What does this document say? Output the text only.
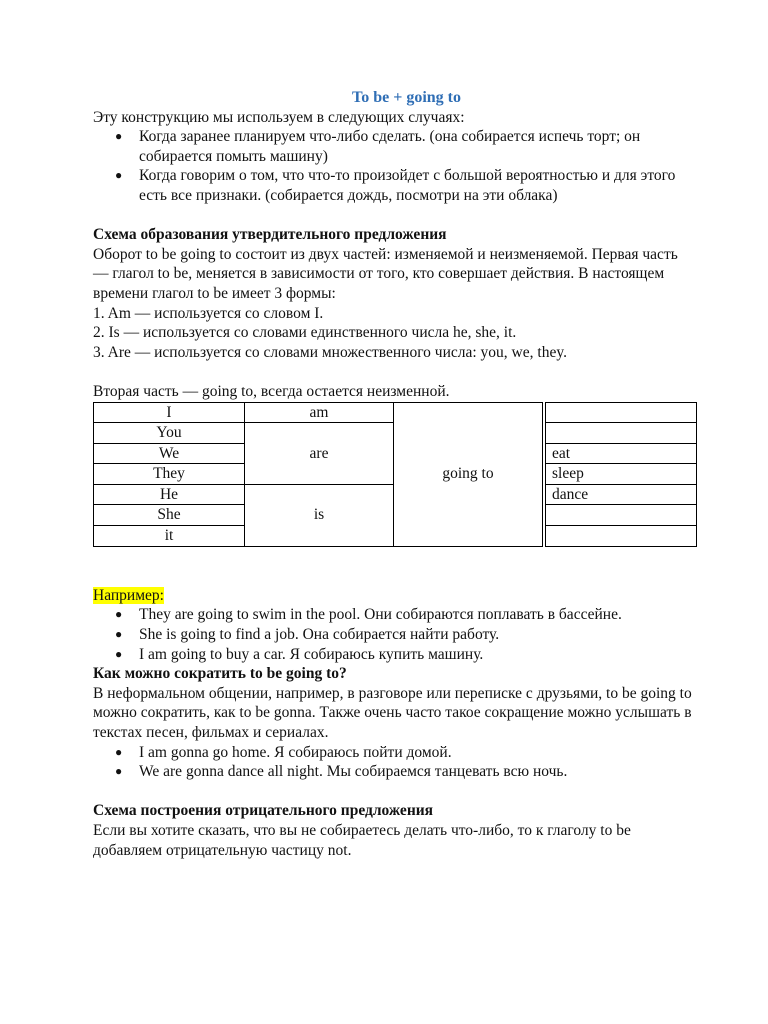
To be + going to

Эту конструкцию мы используем в следующих случаях:

● Когда заранее планируем что-либо сделать. (она собирается испечь торт; он собирается помыть машину)
● Когда говорим о том, что что-то произойдет с большой вероятностью и для этого есть все признаки. (собирается дождь, посмотри на эти облака)
Схема образования утвердительного предложения

Оборот to be going to состоит из двух частей: изменяемой и неизменяемой. Первая часть — глагол to be, меняется в зависимости от того, кто совершает действия. В настоящем времени глагол to be имеет 3 формы:

1. Am — используется со словом I.

2. Is — используется со словами единственного числа he, she, it.

3. Are — используется со словами множественного числа: you, we, they.

Вторая часть — going to, всегда остается неизменной.

I	am	going to	
You	are		
We			eat
They			sleep
He	is		dance
She			
it			

Например:

● They are going to swim in the pool. Они собираются поплавать в бассейне.
● She is going to find a job. Она собирается найти работу.
● I am going to buy a car. Я собираюсь купить машину.
Как можно сократить to be going to?

В неформальном общении, например, в разговоре или переписке с друзьями, to be going to можно сократить, как to be gonna. Также очень часто такое сокращение можно услышать в текстах песен, фильмах и сериалах.

● I am gonna go home. Я собираюсь пойти домой.
● We are gonna dance all night. Мы собираемся танцевать всю ночь.
Схема построения отрицательного предложения

Если вы хотите сказать, что вы не собираетесь делать что-либо, то к глаголу to be добавляем отрицательную частицу not.
